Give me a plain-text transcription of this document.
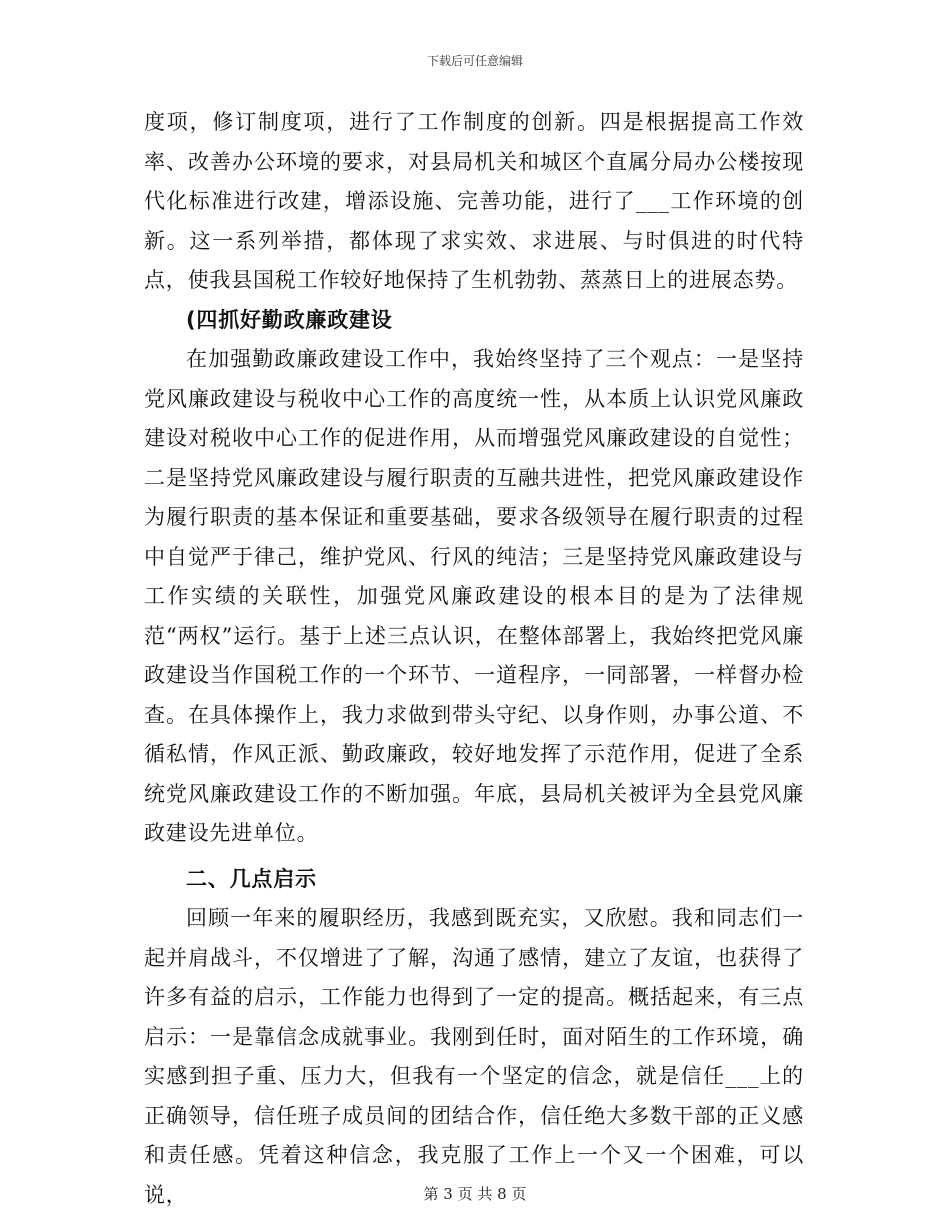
下载后可任意编辑

度项，修订制度项，进行了工作制度的创新。四是根据提高工作效率、改善办公环境的要求，对县局机关和城区个直属分局办公楼按现代化标准进行改建，增添设施、完善功能，进行了___工作环境的创新。这一系列举措，都体现了求实效、求进展、与时俱进的时代特点，使我县国税工作较好地保持了生机勃勃、蒸蒸日上的进展态势。

(四抓好勤政廉政建设

在加强勤政廉政建设工作中，我始终坚持了三个观点：一是坚持党风廉政建设与税收中心工作的高度统一性，从本质上认识党风廉政建设对税收中心工作的促进作用，从而增强党风廉政建设的自觉性；二是坚持党风廉政建设与履行职责的互融共进性，把党风廉政建设作为履行职责的基本保证和重要基础，要求各级领导在履行职责的过程中自觉严于律己，维护党风、行风的纯洁；三是坚持党风廉政建设与工作实绩的关联性，加强党风廉政建设的根本目的是为了法律规范“两权”运行。基于上述三点认识，在整体部署上，我始终把党风廉政建设当作国税工作的一个环节、一道程序，一同部署，一样督办检查。在具体操作上，我力求做到带头守纪、以身作则，办事公道、不循私情，作风正派、勤政廉政，较好地发挥了示范作用，促进了全系统党风廉政建设工作的不断加强。年底，县局机关被评为全县党风廉政建设先进单位。

二、几点启示

回顾一年来的履职经历，我感到既充实，又欣慰。我和同志们一起并肩战斗，不仅增进了了解，沟通了感情，建立了友谊，也获得了许多有益的启示，工作能力也得到了一定的提高。概括起来，有三点启示：一是靠信念成就事业。我刚到任时，面对陌生的工作环境，确实感到担子重、压力大，但我有一个坚定的信念，就是信任___上的正确领导，信任班子成员间的团结合作，信任绝大多数干部的正义感和责任感。凭着这种信念，我克服了工作上一个又一个困难，可以说，	第 3 页 共 8 页
